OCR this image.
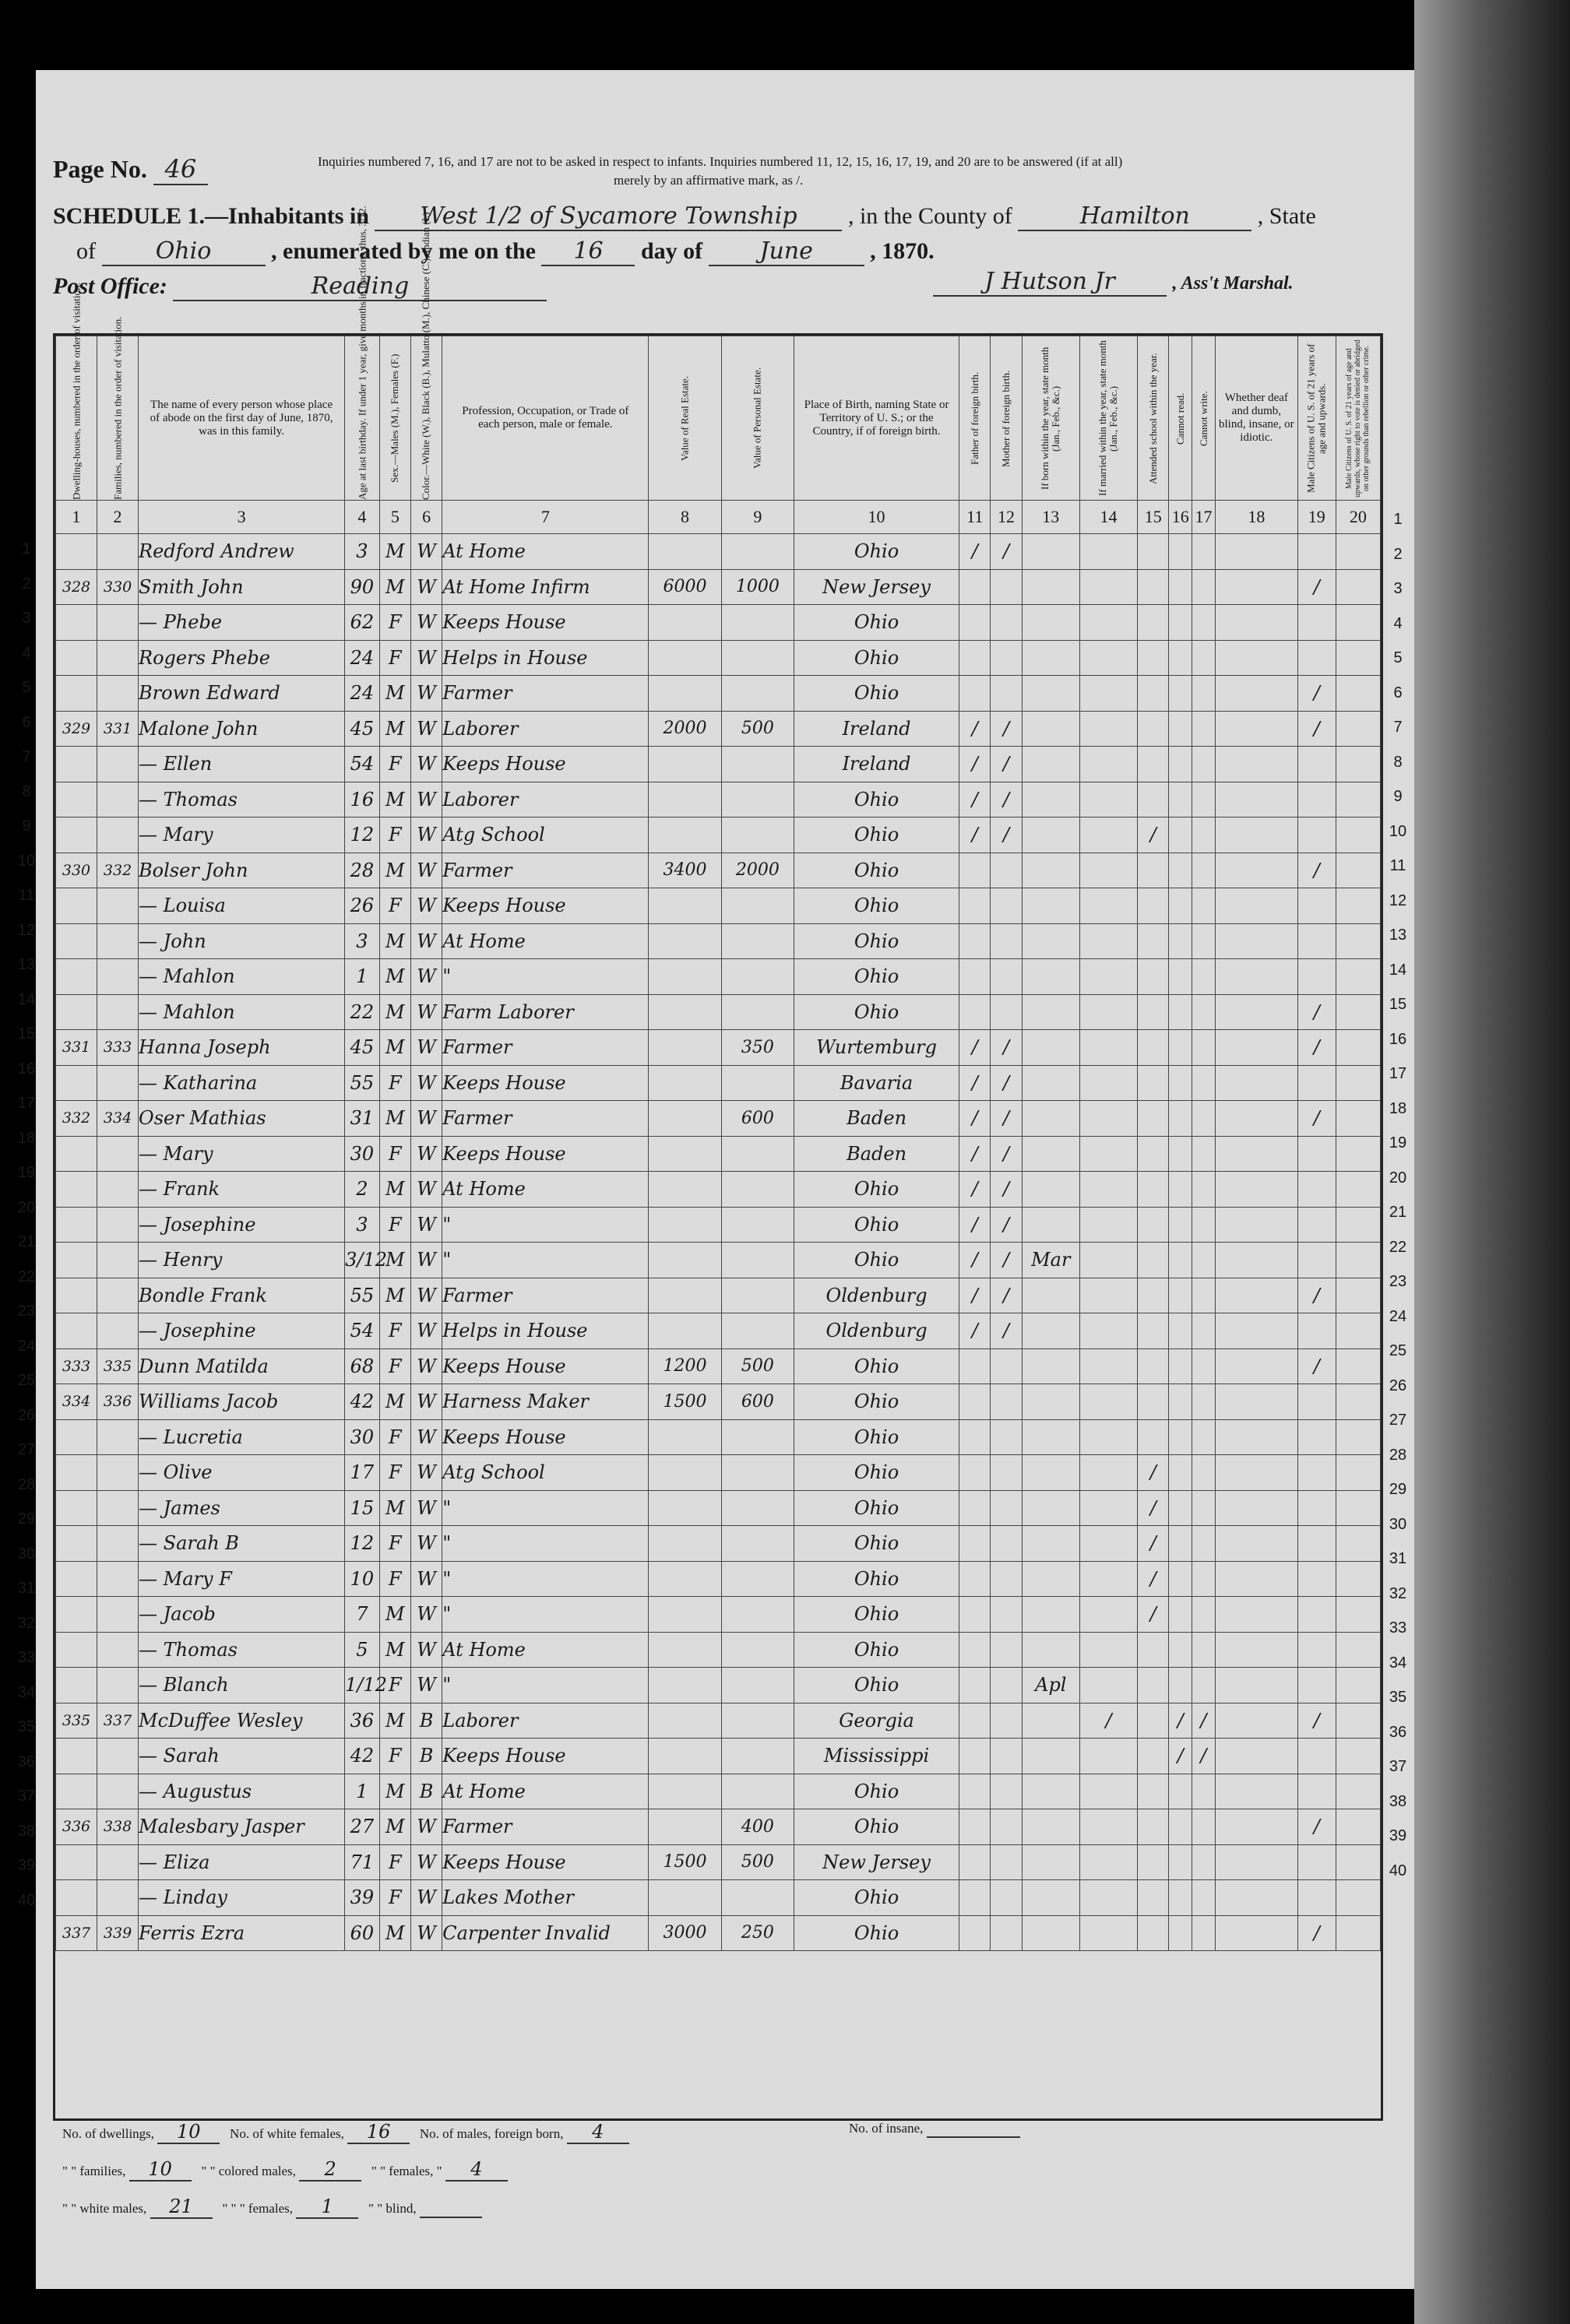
Page No. 46	Inquiries numbered 7, 16, and 17 are not to be asked in respect to infants. Inquiries numbered 11, 12, 15, 16, 17, 19, and 20 are to be answered (if at all)
merely by an affirmative mark, as /.
SCHEDULE 1.—Inhabitants in West 1/2 of Sycamore Township , in the County of	Hamilton	, State
of	Ohio	, enumerated by me on the 16 day of June , 1870.
Post Office:	Reading	J Hutson Jr	, Ass't Marshal.
Dwelling-houses, numbered in the order of visitation.	Families, numbered in the order of visitation.	The name of every person whose place of abode on the first day of June, 1870, was in this family.	Age at last birthday. If under 1 year, give months in fractions, thus, 3/12.	Sex.—Males (M.), Females (F.)	Color.—White (W.), Black (B.), Mulatto (M.), Chinese (C.), Indian (I.)	Profession, Occupation, or Trade of each person, male or female.	Value of Real Estate.	Value of Personal Estate.	Place of Birth, naming State or Territory of U. S.; or the Country, if of foreign birth.	Father of foreign birth.	Mother of foreign birth.	If born within the year, state month (Jan., Feb., &c.)	If married within the year, state month (Jan., Feb., &c.)	Attended school within the year.	Cannot read.	Cannot write.	Whether deaf and dumb, blind, insane, or idiotic.	Male Citizens of U. S. of 21 years of age and upwards.	Male Citizens of U. S. of 21 years of age and upwards, whose right to vote is denied or abridged on other grounds than rebellion or other crime.
1	2	3	4	5	6	7	8	9	10	11	12	13	14	15	16	17	18	19	20
		Redford Andrew	3	M	W	At Home			Ohio	/	/								
328	330	Smith John	90	M	W	At Home Infirm	6000	1000	New Jersey									/	
		— Phebe	62	F	W	Keeps House			Ohio										
		Rogers Phebe	24	F	W	Helps in House			Ohio										
		Brown Edward	24	M	W	Farmer			Ohio									/	
329	331	Malone John	45	M	W	Laborer	2000	500	Ireland	/	/							/	
		— Ellen	54	F	W	Keeps House			Ireland	/	/								
		— Thomas	16	M	W	Laborer			Ohio	/	/								
		— Mary	12	F	W	Atg School			Ohio	/	/			/					
330	332	Bolser John	28	M	W	Farmer	3400	2000	Ohio									/	
		— Louisa	26	F	W	Keeps House			Ohio										
		— John	3	M	W	At Home			Ohio										
		— Mahlon	1	M	W	"			Ohio										
		— Mahlon	22	M	W	Farm Laborer			Ohio									/	
331	333	Hanna Joseph	45	M	W	Farmer		350	Wurtemburg	/	/							/	
		— Katharina	55	F	W	Keeps House			Bavaria	/	/								
332	334	Oser Mathias	31	M	W	Farmer		600	Baden	/	/							/	
		— Mary	30	F	W	Keeps House			Baden	/	/								
		— Frank	2	M	W	At Home			Ohio	/	/								
		— Josephine	3	F	W	"			Ohio	/	/								
		— Henry	3/12	M	W	"			Ohio	/	/	Mar							
		Bondle Frank	55	M	W	Farmer			Oldenburg	/	/							/	
		— Josephine	54	F	W	Helps in House			Oldenburg	/	/								
333	335	Dunn Matilda	68	F	W	Keeps House	1200	500	Ohio									/	
334	336	Williams Jacob	42	M	W	Harness Maker	1500	600	Ohio										
		— Lucretia	30	F	W	Keeps House			Ohio										
		— Olive	17	F	W	Atg School			Ohio					/					
		— James	15	M	W	"			Ohio					/					
		— Sarah B	12	F	W	"			Ohio					/					
		— Mary F	10	F	W	"			Ohio					/					
		— Jacob	7	M	W	"			Ohio					/					
		— Thomas	5	M	W	At Home			Ohio										
		— Blanch	1/12	F	W	"			Ohio			Apl							
335	337	McDuffee Wesley	36	M	B	Laborer			Georgia				/		/	/		/	
		— Sarah	42	F	B	Keeps House			Mississippi						/	/			
		— Augustus	1	M	B	At Home			Ohio										
336	338	Malesbary Jasper	27	M	W	Farmer		400	Ohio									/	
		— Eliza	71	F	W	Keeps House	1500	500	New Jersey										
		— Linday	39	F	W	Lakes Mother			Ohio										
337	339	Ferris Ezra	60	M	W	Carpenter Invalid	3000	250	Ohio									/	
1
1	2
2	3
3	4
4	5
5	6
6	7
7	8
8	9
9	10
10	11
11	12
12	13
13	14
14	15
15	16
16	17
17	18
18	19
19	20
20	21
21	22
22	23
23	24
24	25
25	26
26	27
27	28
28	29
29	30
30	31
31	32
32	33
33	34
34	35
35	36
36	37
37	38
38	39
39	40
40
No. of dwellings, 10 No. of white females, 16 No. of males, foreign born, 4	No. of insane,
" " families, 10 " " colored males, 2	" " females, " 4
" " white males, 21 " " " females, 1	" " blind,
